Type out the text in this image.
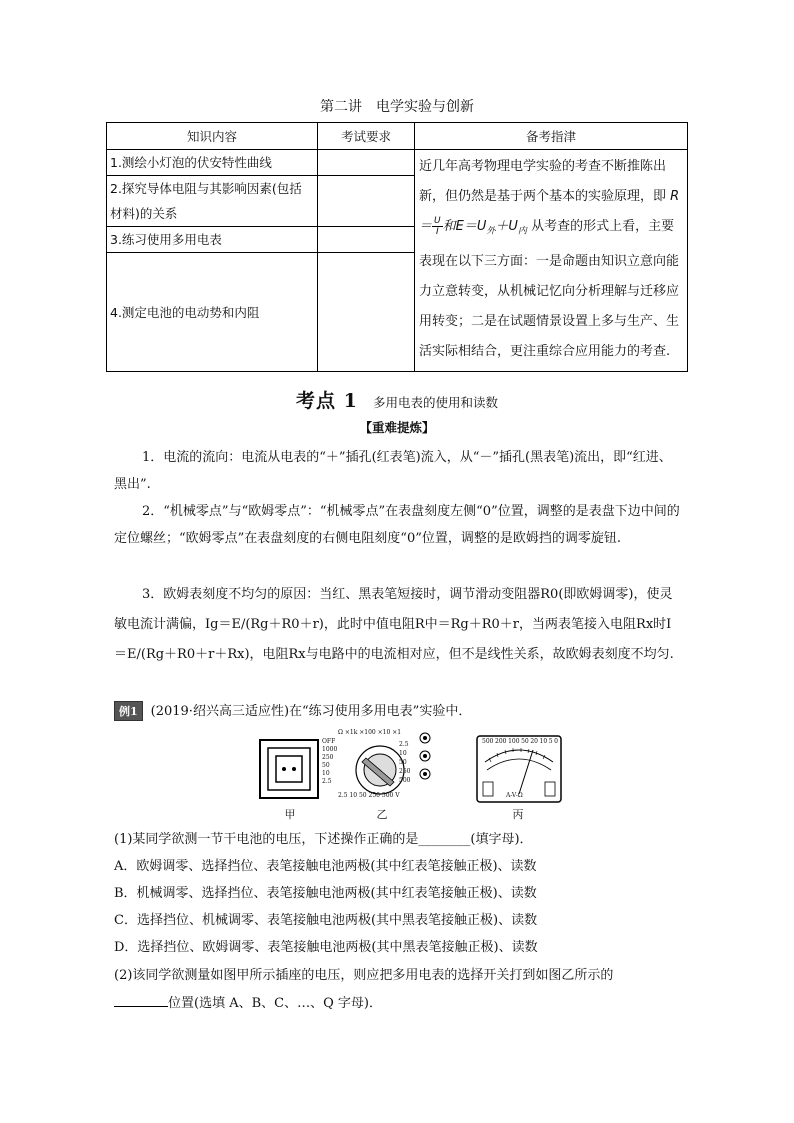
第二讲　电学实验与创新
知识内容	考试要求	备考指津
1.测绘小灯泡的伏安特性曲线		近几年高考物理电学实验的考查不断推陈出新，但仍然是基于两个基本的实验原理，即 $R= \frac{U}{I}$ 和$E=U_外+U_内$ 从考查的形式上看，主要表现在以下三方面：一是命题由知识立意向能力立意转变，从机械记忆向分析理解与迁移应用转变；二是在试题情景设置上多与生产、生活实际相结合，更注重综合应用能力的考查.
2.探究导体电阻与其影响因素(包括材料)的关系		
3.练习使用多用电表		
4.测定电池的电动势和内阻		
考点 1 多用电表的使用和读数
【重难提炼】
1．电流的流向：电流从电表的“＋”插孔(红表笔)流入，从“－”插孔(黑表笔)流出，即“红进、黑出”.
2．“机械零点”与“欧姆零点”：“机械零点”在表盘刻度左侧“0”位置，调整的是表盘下边中间的定位螺丝；“欧姆零点”在表盘刻度的右侧电阻刻度“0”位置，调整的是欧姆挡的调零旋钮.
3．欧姆表刻度不均匀的原因：当红、黑表笔短接时，调节滑动变阻器R0(即欧姆调零)，使灵敏电流计满偏，Ig＝E/(Rg＋R0＋r)，此时中值电阻R中＝Rg＋R0＋r，当两表笔接入电阻Rx时I＝E/(Rg＋R0＋r＋Rx)，电阻Rx与电路中的电流相对应，但不是线性关系，故欧姆表刻度不均匀.
例1 (2019·绍兴高三适应性)在“练习使用多用电表”实验中．
甲
Ω ×1k ×100 ×10 ×1
OFF
1000
250
50
10
2.5
2.5
10
50
250
500
2.5 10 50 250 500 V
乙
500 200 100 50 20 10 5 0
A-V-Ω
丙
(1)某同学欲测一节干电池的电压，下述操作正确的是________(填字母)．
A．欧姆调零、选择挡位、表笔接触电池两极(其中红表笔接触正极)、读数
B．机械调零、选择挡位、表笔接触电池两极(其中红表笔接触正极)、读数
C．选择挡位、机械调零、表笔接触电池两极(其中黑表笔接触正极)、读数
D．选择挡位、欧姆调零、表笔接触电池两极(其中黑表笔接触正极)、读数
(2)该同学欲测量如图甲所示插座的电压，则应把多用电表的选择开关打到如图乙所示的
位置(选填 A、B、C、…、Q 字母)．
